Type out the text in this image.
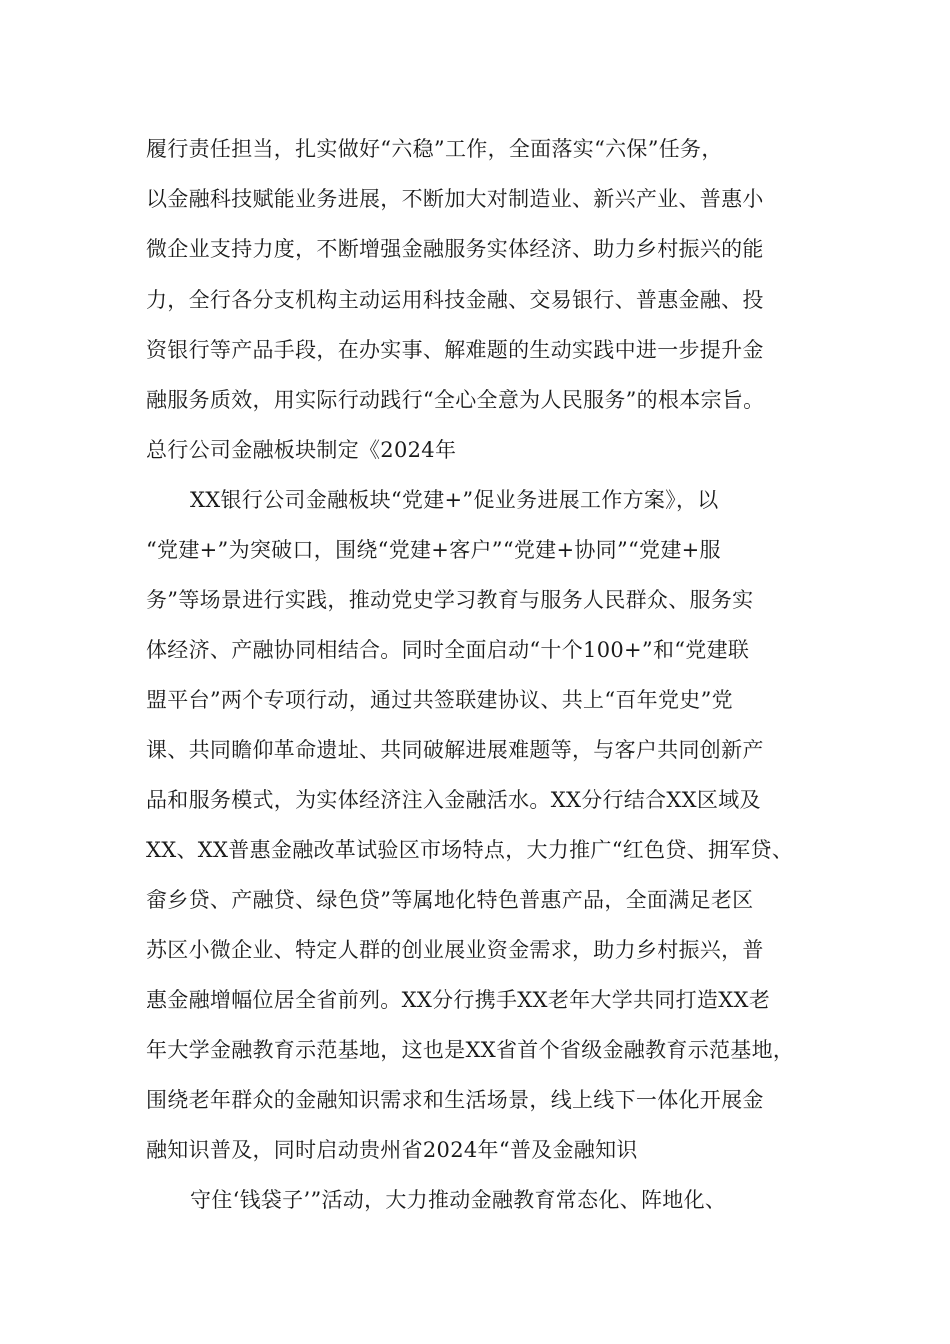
履行责任担当，扎实做好“六稳”工作，全面落实“六保”任务，
以金融科技赋能业务进展，不断加大对制造业、新兴产业、普惠小
微企业支持力度，不断增强金融服务实体经济、助力乡村振兴的能
力，全行各分支机构主动运用科技金融、交易银行、普惠金融、投
资银行等产品手段，在办实事、解难题的生动实践中进一步提升金
融服务质效，用实际行动践行“全心全意为人民服务”的根本宗旨。
总行公司金融板块制定《2024年
XX银行公司金融板块“党建+”促业务进展工作方案》，以
“党建+”为突破口，围绕“党建+客户”“党建+协同”“党建+服
务”等场景进行实践，推动党史学习教育与服务人民群众、服务实
体经济、产融协同相结合。同时全面启动“十个100+”和“党建联
盟平台”两个专项行动，通过共签联建协议、共上“百年党史”党
课、共同瞻仰革命遗址、共同破解进展难题等，与客户共同创新产
品和服务模式，为实体经济注入金融活水。XX分行结合XX区域及
XX、XX普惠金融改革试验区市场特点，大力推广“红色贷、拥军贷、
畲乡贷、产融贷、绿色贷”等属地化特色普惠产品，全面满足老区
苏区小微企业、特定人群的创业展业资金需求，助力乡村振兴，普
惠金融增幅位居全省前列。XX分行携手XX老年大学共同打造XX老
年大学金融教育示范基地，这也是XX省首个省级金融教育示范基地，
围绕老年群众的金融知识需求和生活场景，线上线下一体化开展金
融知识普及，同时启动贵州省2024年“普及金融知识
守住‘钱袋子’”活动，大力推动金融教育常态化、阵地化、
